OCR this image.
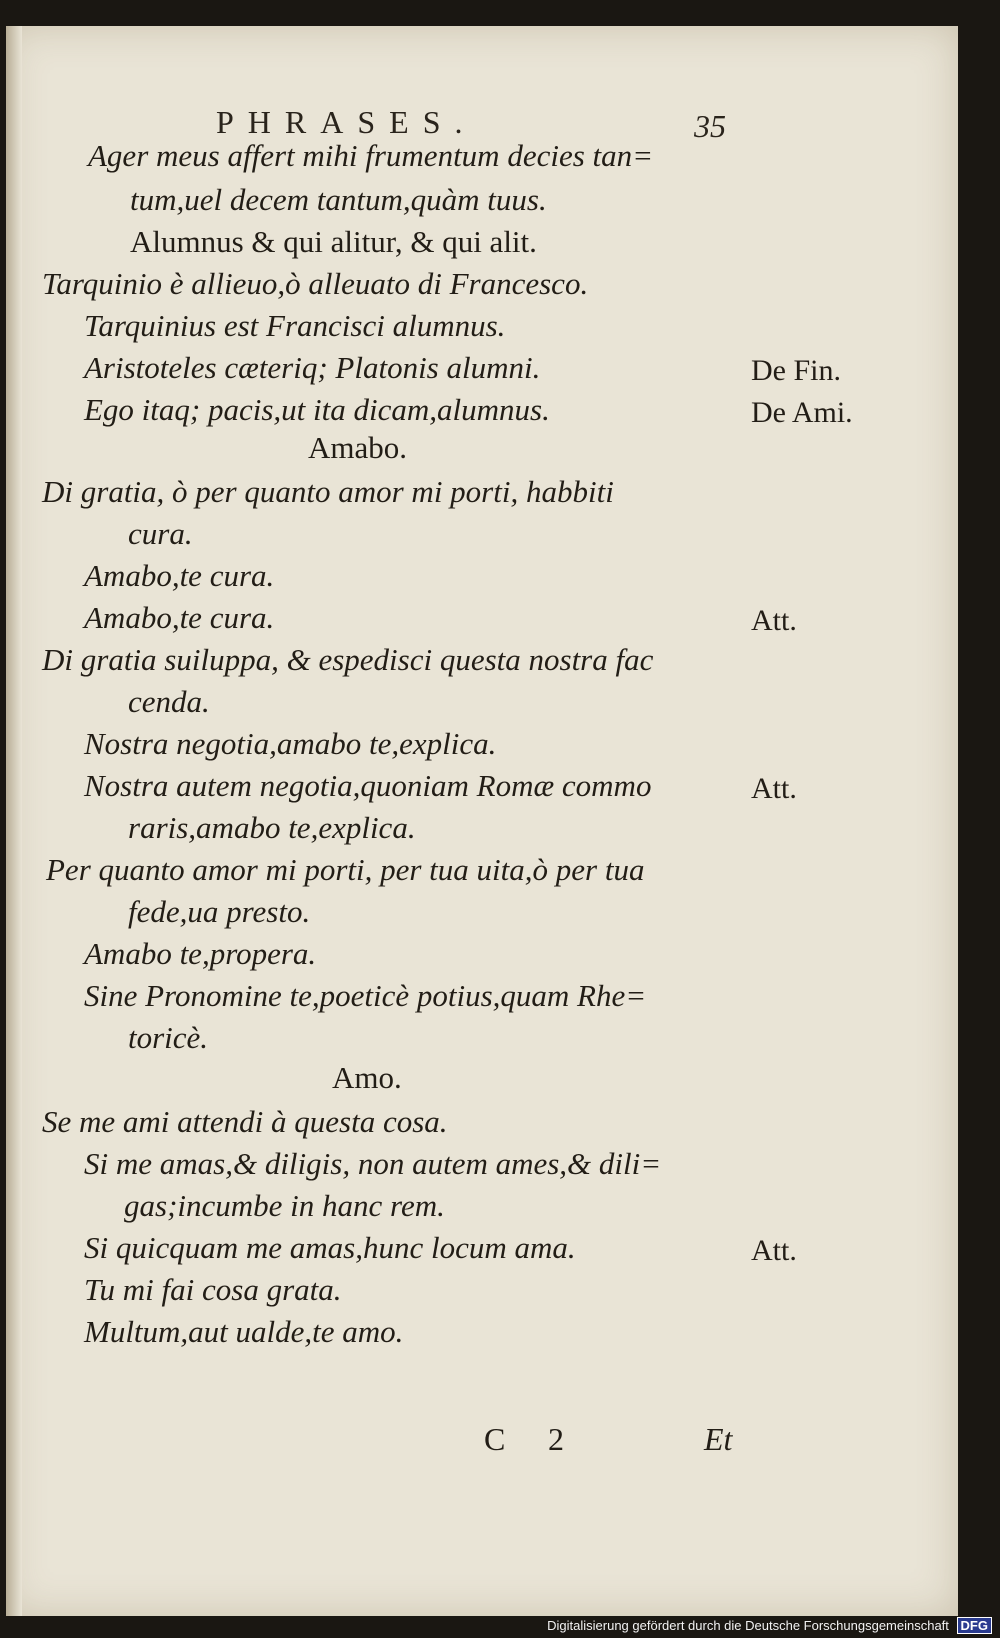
PHRASES.	35
Ager meus affert mihi frumentum decies tan=
tum,uel decem tantum,quàm tuus.
Alumnus & qui alitur, & qui alit.
Tarquinio è allieuo,ò alleuato di Francesco.
Tarquinius est Francisci alumnus.
Aristoteles cæteriq; Platonis alumni.
Ego itaq; pacis,ut ita dicam,alumnus.
Amabo.
Di gratia, ò per quanto amor mi porti, habbiti
cura.
Amabo,te cura.
Amabo,te cura.
Di gratia suiluppa, & espedisci questa nostra fac
cenda.
Nostra negotia,amabo te,explica.
Nostra autem negotia,quoniam Romæ commo
raris,amabo te,explica.
Per quanto amor mi porti, per tua uita,ò per tua
fede,ua presto.
Amabo te,propera.
Sine Pronomine te,poeticè potius,quam Rhe=
toricè.
Amo.
Se me ami attendi à questa cosa.
Si me amas,& diligis, non autem ames,& dili=
gas;incumbe in hanc rem.
Si quicquam me amas,hunc locum ama.
Tu mi fai cosa grata.
Multum,aut ualde,te amo.
De Fin.
De Ami.
Att.
Att.
Att.
C 2	Et
Digitalisierung gefördert durch die Deutsche Forschungsgemeinschaft DFG
